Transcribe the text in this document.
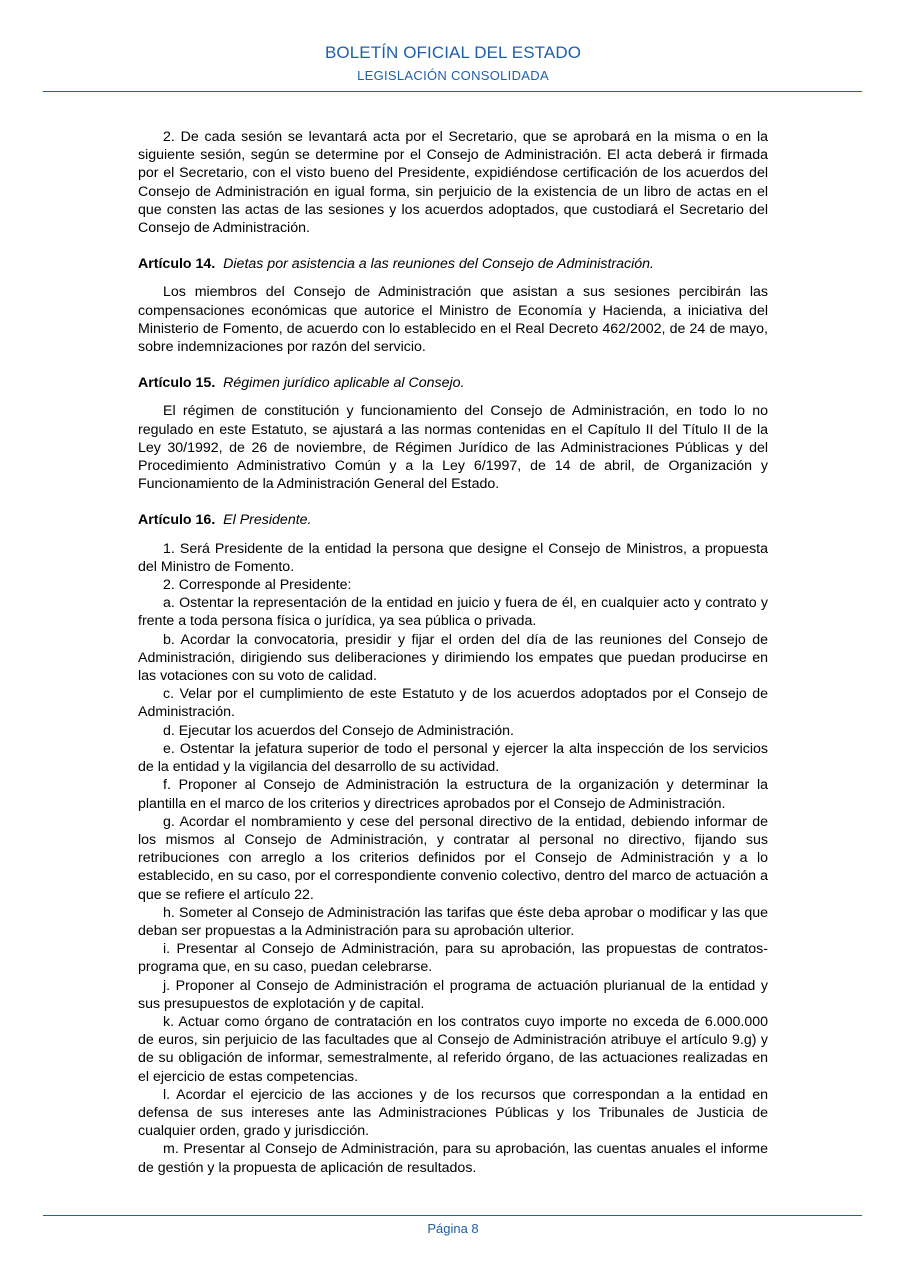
BOLETÍN OFICIAL DEL ESTADO
LEGISLACIÓN CONSOLIDADA

2. De cada sesión se levantará acta por el Secretario, que se aprobará en la misma o en la siguiente sesión, según se determine por el Consejo de Administración. El acta deberá ir firmada por el Secretario, con el visto bueno del Presidente, expidiéndose certificación de los acuerdos del Consejo de Administración en igual forma, sin perjuicio de la existencia de un libro de actas en el que consten las actas de las sesiones y los acuerdos adoptados, que custodiará el Secretario del Consejo de Administración.

Artículo 14. Dietas por asistencia a las reuniones del Consejo de Administración.

Los miembros del Consejo de Administración que asistan a sus sesiones percibirán las compensaciones económicas que autorice el Ministro de Economía y Hacienda, a iniciativa del Ministerio de Fomento, de acuerdo con lo establecido en el Real Decreto 462/2002, de 24 de mayo, sobre indemnizaciones por razón del servicio.

Artículo 15. Régimen jurídico aplicable al Consejo.

El régimen de constitución y funcionamiento del Consejo de Administración, en todo lo no regulado en este Estatuto, se ajustará a las normas contenidas en el Capítulo II del Título II de la Ley 30/1992, de 26 de noviembre, de Régimen Jurídico de las Administraciones Públicas y del Procedimiento Administrativo Común y a la Ley 6/1997, de 14 de abril, de Organización y Funcionamiento de la Administración General del Estado.

Artículo 16. El Presidente.

1. Será Presidente de la entidad la persona que designe el Consejo de Ministros, a propuesta del Ministro de Fomento.

2. Corresponde al Presidente:

a. Ostentar la representación de la entidad en juicio y fuera de él, en cualquier acto y contrato y frente a toda persona física o jurídica, ya sea pública o privada.

b. Acordar la convocatoria, presidir y fijar el orden del día de las reuniones del Consejo de Administración, dirigiendo sus deliberaciones y dirimiendo los empates que puedan producirse en las votaciones con su voto de calidad.

c. Velar por el cumplimiento de este Estatuto y de los acuerdos adoptados por el Consejo de Administración.

d. Ejecutar los acuerdos del Consejo de Administración.

e. Ostentar la jefatura superior de todo el personal y ejercer la alta inspección de los servicios de la entidad y la vigilancia del desarrollo de su actividad.

f. Proponer al Consejo de Administración la estructura de la organización y determinar la plantilla en el marco de los criterios y directrices aprobados por el Consejo de Administración.

g. Acordar el nombramiento y cese del personal directivo de la entidad, debiendo informar de los mismos al Consejo de Administración, y contratar al personal no directivo, fijando sus retribuciones con arreglo a los criterios definidos por el Consejo de Administración y a lo establecido, en su caso, por el correspondiente convenio colectivo, dentro del marco de actuación a que se refiere el artículo 22.

h. Someter al Consejo de Administración las tarifas que éste deba aprobar o modificar y las que deban ser propuestas a la Administración para su aprobación ulterior.

i. Presentar al Consejo de Administración, para su aprobación, las propuestas de contratos-programa que, en su caso, puedan celebrarse.

j. Proponer al Consejo de Administración el programa de actuación plurianual de la entidad y sus presupuestos de explotación y de capital.

k. Actuar como órgano de contratación en los contratos cuyo importe no exceda de 6.000.000 de euros, sin perjuicio de las facultades que al Consejo de Administración atribuye el artículo 9.g) y de su obligación de informar, semestralmente, al referido órgano, de las actuaciones realizadas en el ejercicio de estas competencias.

l. Acordar el ejercicio de las acciones y de los recursos que correspondan a la entidad en defensa de sus intereses ante las Administraciones Públicas y los Tribunales de Justicia de cualquier orden, grado y jurisdicción.

m. Presentar al Consejo de Administración, para su aprobación, las cuentas anuales el informe de gestión y la propuesta de aplicación de resultados.

Página 8
